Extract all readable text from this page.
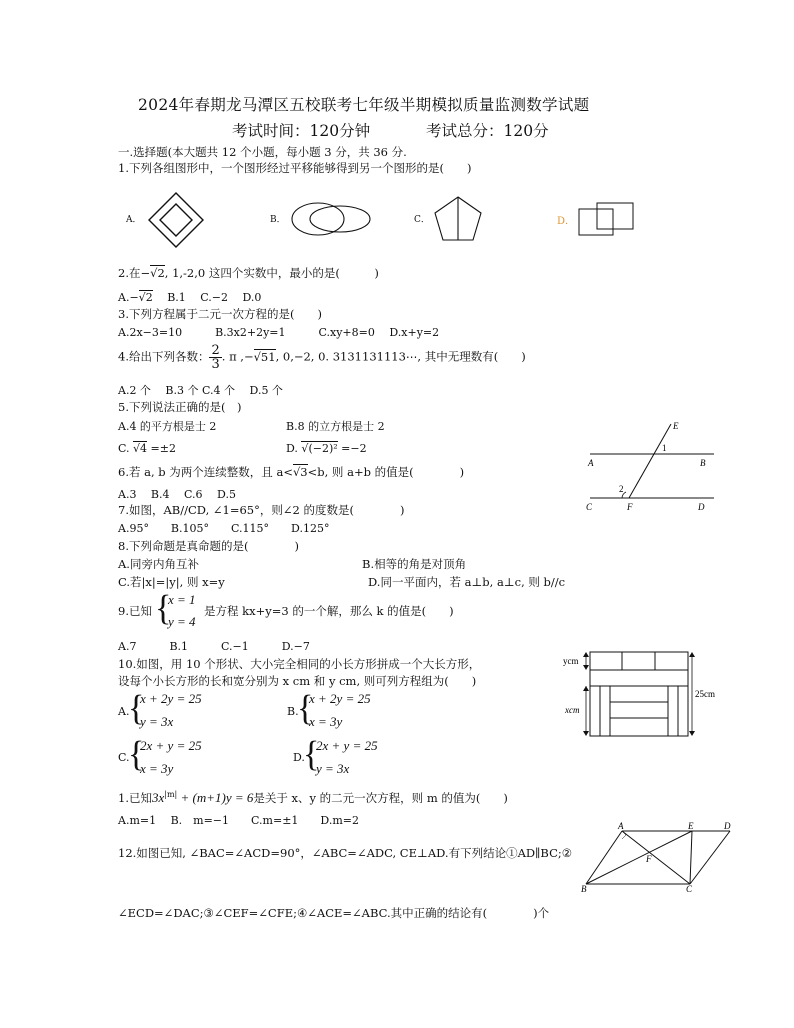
2024年春期龙马潭区五校联考七年级半期模拟质量监测数学试题
考试时间：120分钟	考试总分：120分
一.选择题(本大题共 12 个小题，每小题 3 分，共 36 分.
1.下列各组图形中，一个图形经过平移能够得到另一个图形的是(　　)
A．	B．	C．	D．
2.在−√2, 1,-2,0 这四个实数中，最小的是(　　　)
A.−√2　 B.1　 C.−2　 D.0
3.下列方程属于二元一次方程的是(　　)
A.2x−3=10　　　B.3x2+2y=1　　　C.xy+8=0　 D.x+y=2
4.给出下列各数： $\frac{2}{3}$ . π ,−√51, 0,−2, 0. 3131131113⋯, 其中无理数有(　　)
A.2 个　 B.3 个 C.4 个　 D.5 个
5.下列说法正确的是(　)
A.4 的平方根是士 2	B.8 的立方根是士 2
C. √4 =±2	D. √(−2)² =−2
6.若 a, b 为两个连续整数，且 a<√3<b, 则 a+b 的值是(　　　　)
A.3　 B.4　 C.6　 D.5
7.如图，AB//CD, ∠1=65°，则∠2 的度数是(　　　　)
A.95°　　B.105°　　C.115°　　D.125°
E
A	B
1
2
C	F	D
8.下列命题是真命题的是(　　　　)
A.同旁内角互补	B.相等的角是对顶角
C.若|x|=|y|, 则 x=y	D.同一平面内，若 a⊥b, a⊥c, 则 b//c
9.已知 {
x = 1
y = 4
是方程 kx+y=3 的一个解，那么 k 的值是(　　)
A.7　　　B.1　　　C.−1　　　D.−7
10.如图，用 10 个形状、大小完全相同的小长方形拼成一个大长方形，
设每个小长方形的长和宽分别为 x cm 和 y cm, 则可列方程组为(　　)
A.
{
x + 2y = 25
y = 3x
B.
{
x + 2y = 25
x = 3y
C.
{
2x + y = 25
x = 3y
D.
{
2x + y = 25
y = 3x
ycm
xcm
25cm
1.已知$3x^{|m|} + (m+1)y = 6$是关于 x、y 的二元一次方程，则 m 的值为(　　)
A.m=1　 B.　m=−1　　C.m=±1　　D.m=2	A	E	D
F
B	C
12.如图已知, ∠BAC=∠ACD=90°，∠ABC=∠ADC, CE⊥AD.有下列结论①AD∥BC;②
∠ECD=∠DAC;③∠CEF=∠CFE;④∠ACE=∠ABC.其中正确的结论有(　　　　)个
